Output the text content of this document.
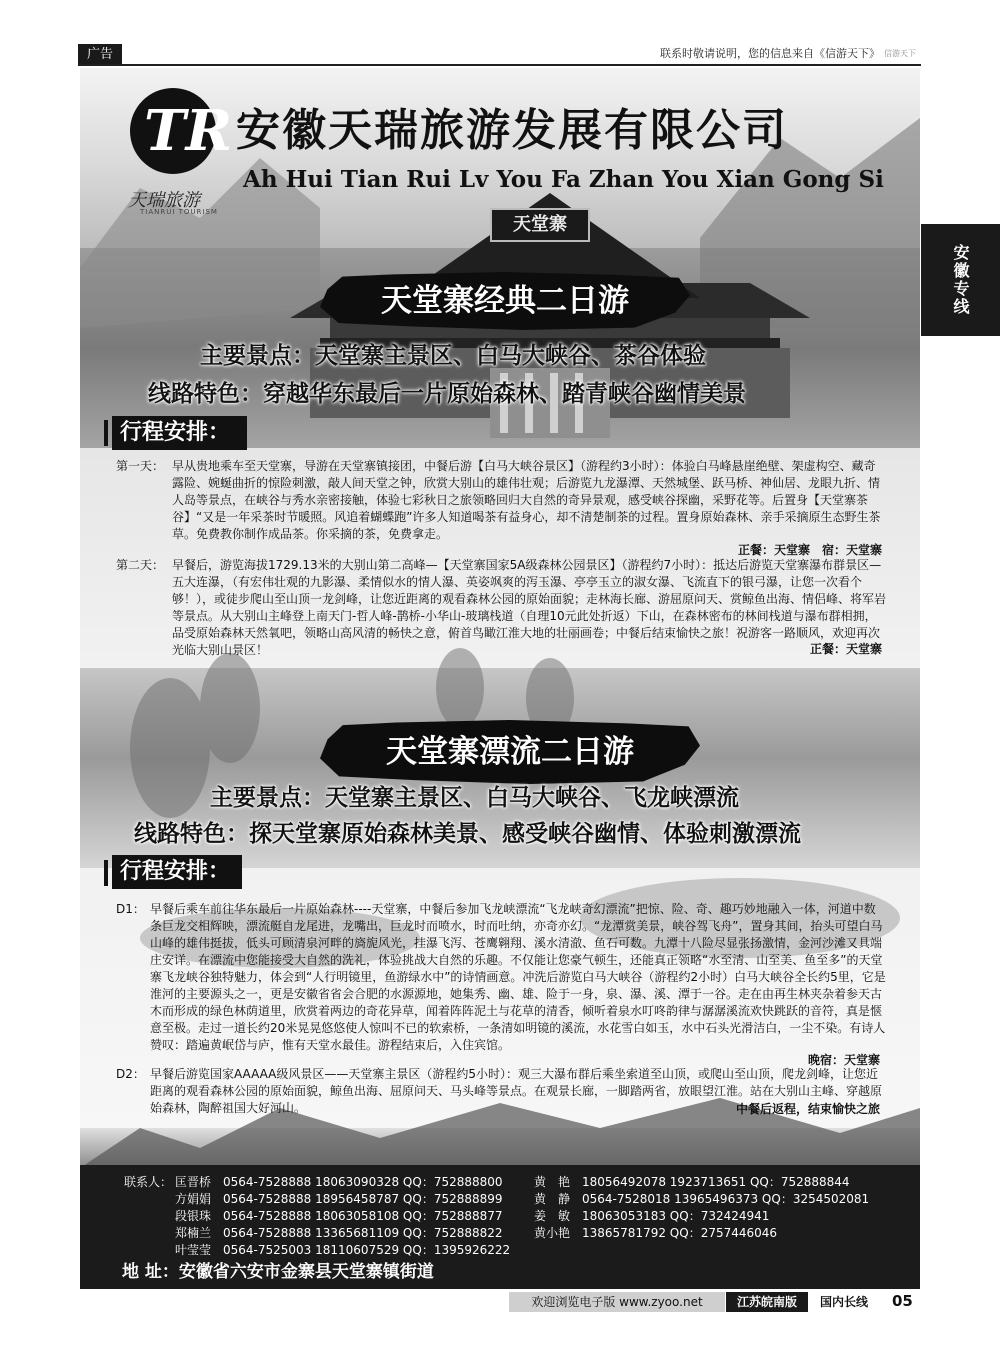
广告	联系时敬请说明，您的信息来自《信游天下》 信游天下
安徽专线
天堂寨
TR
天瑞旅游
TIANRUI TOURISM
安徽天瑞旅游发展有限公司
Ah Hui Tian Rui Lv You Fa Zhan You Xian Gong Si
天堂寨经典二日游
主要景点：天堂寨主景区、白马大峡谷、茶谷体验
线路特色：穿越华东最后一片原始森林、踏青峡谷幽情美景
行程安排：
第一天： 早从贵地乘车至天堂寨，导游在天堂寨镇接团，中餐后游【白马大峡谷景区】（游程约3小时）：体验白马峰悬崖绝壁、架虚构空、藏奇露险、婉蜒曲折的惊险刺激，敲人间天堂之钟，欣赏大别山的雄伟壮观；后游览九龙瀑潭、天然城堡、跃马桥、神仙居、龙眼九折、情人岛等景点，在峡谷与秀水亲密接触，体验七彩秋日之旅领略回归大自然的奇异景观，感受峡谷探幽，采野花等。后置身【天堂寨茶谷】“又是一年采茶时节暖照。风追着蝴蝶跑”许多人知道喝茶有益身心，却不清楚制茶的过程。置身原始森林、亲手采摘原生态野生茶草。免费教你制作成品茶。你采摘的茶，免费拿走。
正餐：天堂寨　宿：天堂寨
第二天： 早餐后，游览海拔1729.13米的大别山第二高峰—【天堂寨国家5A级森林公园景区】（游程约7小时）：抵达后游览天堂寨瀑布群景区—五大连瀑，（有宏伟壮观的九影瀑、柔情似水的情人瀑、英姿飒爽的泻玉瀑、亭亭玉立的淑女瀑、飞流直下的银弓瀑，让您一次看个够！），或徒步爬山至山顶一龙剑峰，让您近距离的观看森林公园的原始面貌；走林海长廊、游屈原问天、赏鲸鱼出海、情侣峰、将军岩等景点。从大别山主峰登上南天门-哲人峰-鹊桥-小华山-玻璃栈道（自理10元此处折返）下山，在森林密布的林间栈道与瀑布群相拥，品受原始森林天然氧吧，领略山高风清的畅快之意，俯首鸟瞰江淮大地的壮丽画卷；中餐后结束愉快之旅！祝游客一路顺风，欢迎再次光临大别山景区！	正餐：天堂寨
天堂寨漂流二日游
主要景点：天堂寨主景区、白马大峡谷、飞龙峡漂流
线路特色：探天堂寨原始森林美景、感受峡谷幽情、体验刺激漂流
行程安排：
D1： 早餐后乘车前往华东最后一片原始森林----天堂寨，中餐后参加飞龙峡漂流“飞龙峡奇幻漂流”把惊、险、奇、趣巧妙地融入一体，河道中数条巨龙交相辉映，漂流艇自龙尾进，龙嘴出，巨龙时而喷水，时而吐纳，亦奇亦幻。“龙潭赏美景，峡谷驾飞舟”，置身其间，抬头可望白马山峰的雄伟挺拔，低头可顾清泉河畔的旖旎风光，挂瀑飞泻、苍鹰翱翔、溪水清澈、鱼石可数。九潭十八险尽显张扬激情，金河沙滩又具端庄安详。在漂流中您能接受大自然的洗礼，体验挑战大自然的乐趣。不仅能让您豪气顿生，还能真正领略“水至清、山至美、鱼至多”的天堂寨飞龙峡谷独特魅力，体会到“人行明镜里，鱼游绿水中”的诗情画意。冲洗后游览白马大峡谷（游程约2小时）白马大峡谷全长约5里，它是淮河的主要源头之一，更是安徽省省会合肥的水源源地，她集秀、幽、雄、险于一身，泉、瀑、溪、潭于一谷。走在由再生林夹杂着参天古木而形成的绿色林荫道里，欣赏着两边的奇花异草，闻着阵阵泥土与花草的清香，倾听着泉水叮咚韵律与潺潺溪流欢快跳跃的音符，真是惬意至极。走过一道长约20米晃晃悠悠使人惊叫不已的软索桥，一条清如明镜的溪流，水花雪白如玉，水中石头光滑洁白，一尘不染。有诗人赞叹：踏遍黄岷岱与庐，惟有天堂水最佳。游程结束后，入住宾馆。
晚宿：天堂寨
D2： 早餐后游览国家AAAAA级风景区——天堂寨主景区（游程约5小时）：观三大瀑布群后乘坐索道至山顶，或爬山至山顶，爬龙剑峰，让您近距离的观看森林公园的原始面貌，鲸鱼出海、屈原问天、马头峰等景点。在观景长廊，一脚踏两省，放眼望江淮。站在大别山主峰、穿越原始森林，陶醉祖国大好河山。	中餐后返程，结束愉快之旅
联系人： 匡晋桥　0564-7528888 18063090328 QQ：752888800
方娟娟　0564-7528888 18956458787 QQ：752888899
段银珠　0564-7528888 18063058108 QQ：752888877
郑楠兰　0564-7528888 13365681109 QQ：752888822
叶莹莹　0564-7525003 18110607529 QQ：1395926222
黄　艳　18056492078 1923713651 QQ：752888844
黄　静　0564-7528018 13965496373 QQ：3254502081
姜　敏　18063053183 QQ：732424941
黄小艳　13865781792 QQ：2757446046
地 址：安徽省六安市金寨县天堂寨镇街道
欢迎浏览电子版 www.zyoo.net	江苏皖南版	国内长线	05
